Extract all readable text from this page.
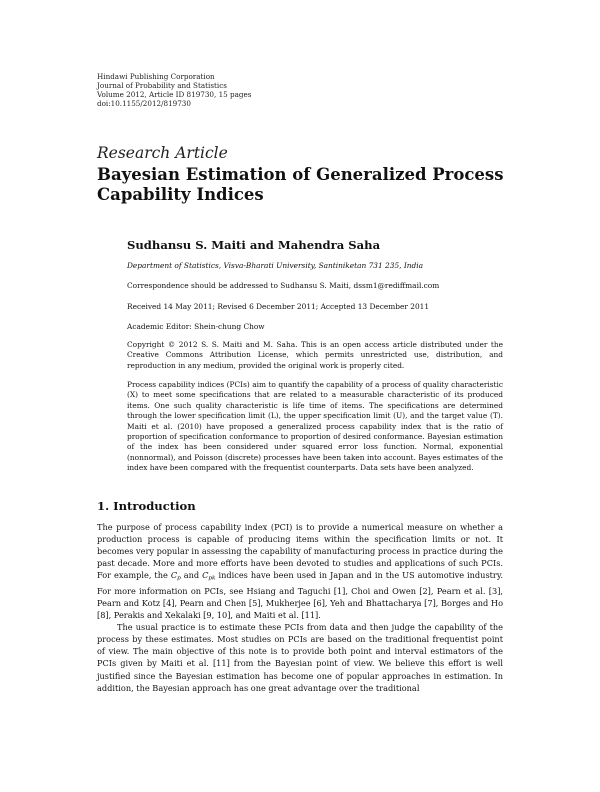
Hindawi Publishing Corporation
Journal of Probability and Statistics
Volume 2012, Article ID 819730, 15 pages
doi:10.1155/2012/819730
Research Article
Bayesian Estimation of Generalized Process Capability Indices
Sudhansu S. Maiti and Mahendra Saha
Department of Statistics, Visva-Bharati University, Santiniketan 731 235, India
Correspondence should be addressed to Sudhansu S. Maiti, dssm1@rediffmail.com
Received 14 May 2011; Revised 6 December 2011; Accepted 13 December 2011
Academic Editor: Shein-chung Chow
Copyright © 2012 S. S. Maiti and M. Saha. This is an open access article distributed under the Creative Commons Attribution License, which permits unrestricted use, distribution, and reproduction in any medium, provided the original work is properly cited.
Process capability indices (PCIs) aim to quantify the capability of a process of quality characteristic (X) to meet some specifications that are related to a measurable characteristic of its produced items. One such quality characteristic is life time of items. The specifications are determined through the lower specification limit (L), the upper specification limit (U), and the target value (T). Maiti et al. (2010) have proposed a generalized process capability index that is the ratio of proportion of specification conformance to proportion of desired conformance. Bayesian estimation of the index has been considered under squared error loss function. Normal, exponential (nonnormal), and Poisson (discrete) processes have been taken into account. Bayes estimates of the index have been compared with the frequentist counterparts. Data sets have been analyzed.
1. Introduction

The purpose of process capability index (PCI) is to provide a numerical measure on whether a production process is capable of producing items within the specification limits or not. It becomes very popular in assessing the capability of manufacturing process in practice during the past decade. More and more efforts have been devoted to studies and applications of such PCIs. For example, the $C_p$ and $C_{pk}$ indices have been used in Japan and in the US automotive industry. For more information on PCIs, see Hsiang and Taguchi [1], Choi and Owen [2], Pearn et al. [3], Pearn and Kotz [4], Pearn and Chen [5], Mukherjee [6], Yeh and Bhattacharya [7], Borges and Ho [8], Perakis and Xekalaki [9, 10], and Maiti et al. [11].

The usual practice is to estimate these PCIs from data and then judge the capability of the process by these estimates. Most studies on PCIs are based on the traditional frequentist point of view. The main objective of this note is to provide both point and interval estimators of the PCIs given by Maiti et al. [11] from the Bayesian point of view. We believe this effort is well justified since the Bayesian estimation has become one of popular approaches in estimation. In addition, the Bayesian approach has one great advantage over the traditional
